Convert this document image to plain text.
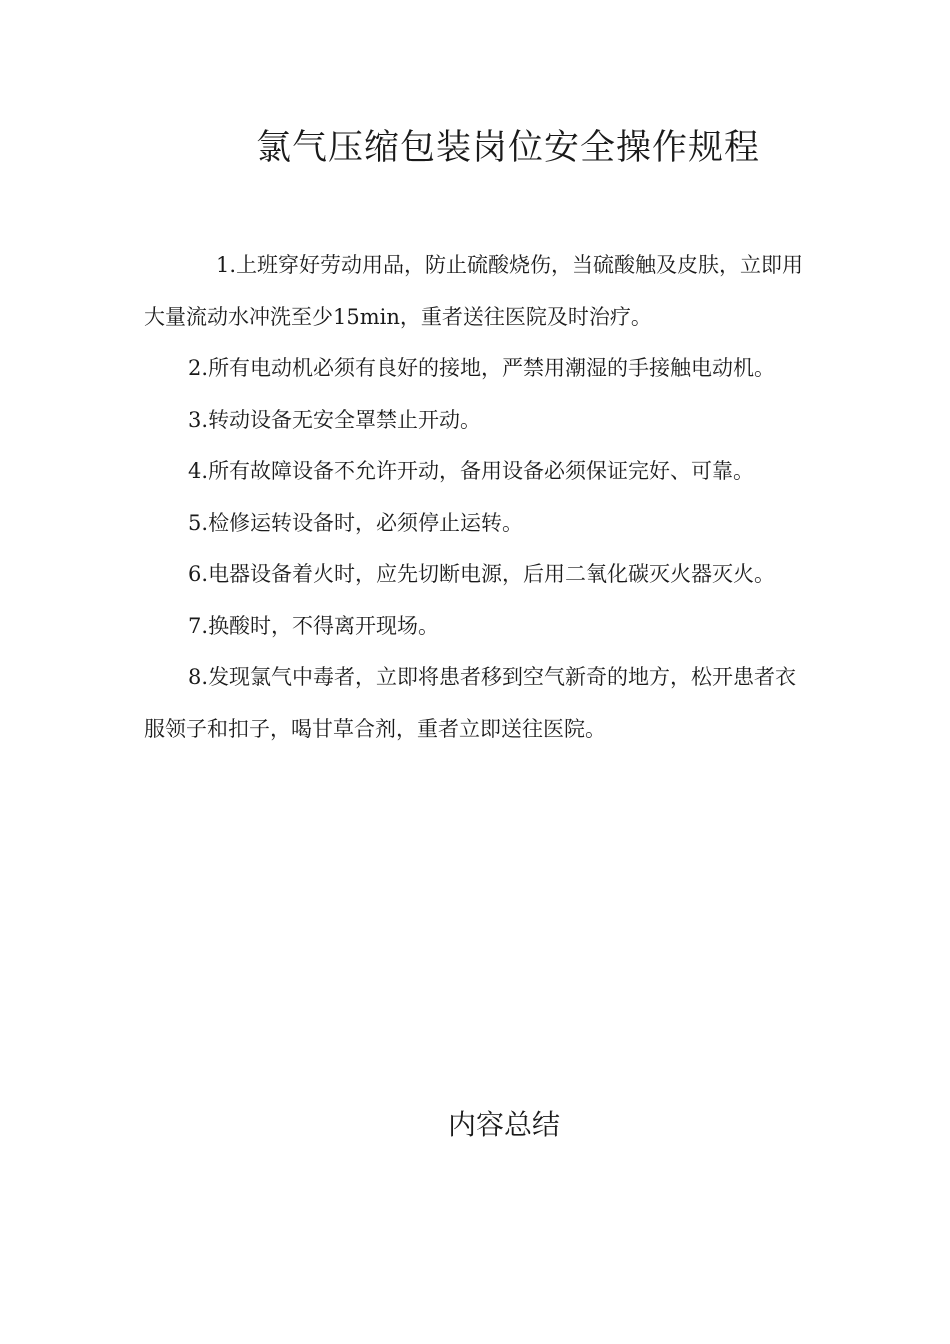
氯气压缩包装岗位安全操作规程

1.上班穿好劳动用品，防止硫酸烧伤，当硫酸触及皮肤，立即用大量流动水冲洗至少15min，重者送往医院及时治疗。

2.所有电动机必须有良好的接地，严禁用潮湿的手接触电动机。

3.转动设备无安全罩禁止开动。

4.所有故障设备不允许开动，备用设备必须保证完好、可靠。

5.检修运转设备时，必须停止运转。

6.电器设备着火时，应先切断电源，后用二氧化碳灭火器灭火。

7.换酸时，不得离开现场。

8.发现氯气中毒者，立即将患者移到空气新奇的地方，松开患者衣服领子和扣子，喝甘草合剂，重者立即送往医院。

内容总结
